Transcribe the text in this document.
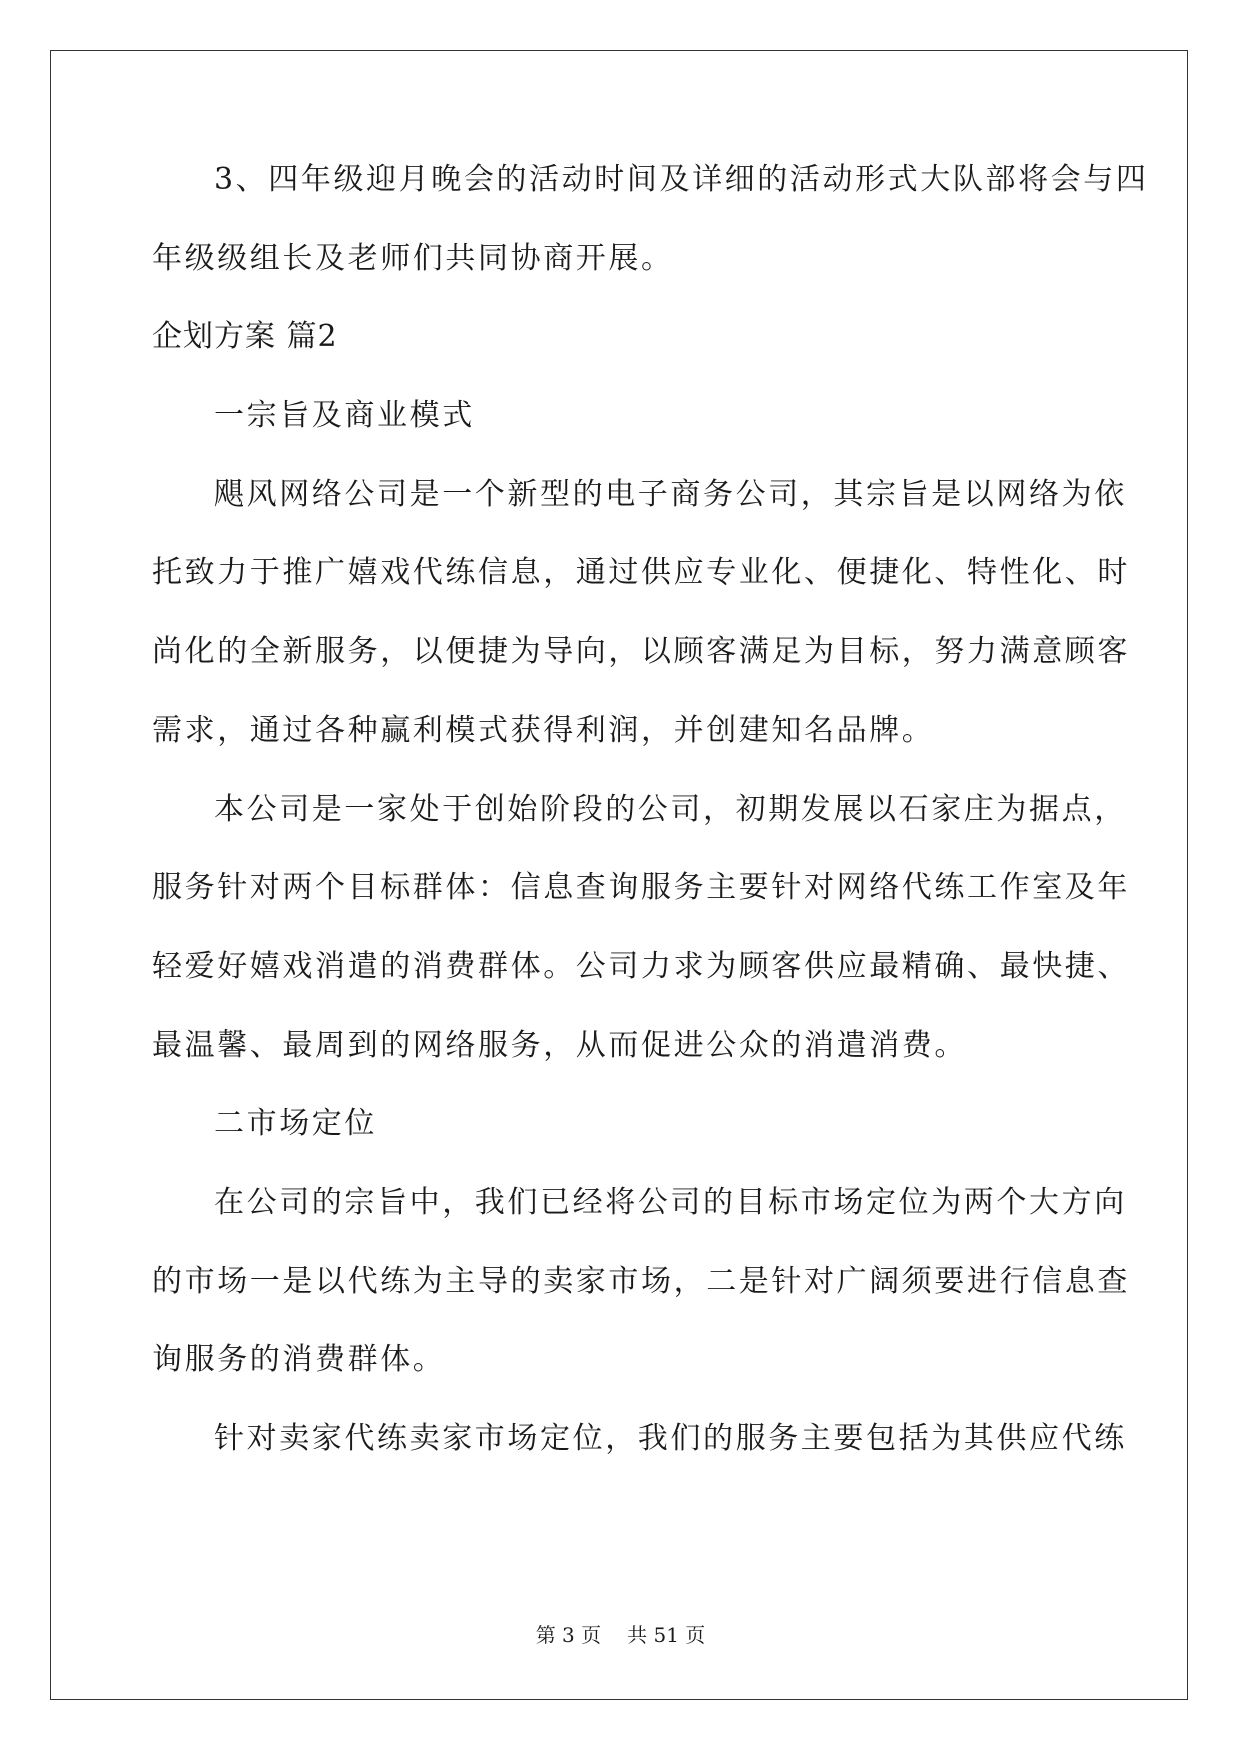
3、四年级迎月晚会的活动时间及详细的活动形式大队部将会与四
年级级组长及老师们共同协商开展。
企划方案 篇2
一宗旨及商业模式
飓风网络公司是一个新型的电子商务公司，其宗旨是以网络为依
托致力于推广嬉戏代练信息，通过供应专业化、便捷化、特性化、时
尚化的全新服务，以便捷为导向，以顾客满足为目标，努力满意顾客
需求，通过各种赢利模式获得利润，并创建知名品牌。
本公司是一家处于创始阶段的公司，初期发展以石家庄为据点，
服务针对两个目标群体：信息查询服务主要针对网络代练工作室及年
轻爱好嬉戏消遣的消费群体。公司力求为顾客供应最精确、最快捷、
最温馨、最周到的网络服务，从而促进公众的消遣消费。
二市场定位
在公司的宗旨中，我们已经将公司的目标市场定位为两个大方向
的市场一是以代练为主导的卖家市场，二是针对广阔须要进行信息查
询服务的消费群体。
针对卖家代练卖家市场定位，我们的服务主要包括为其供应代练
第 3 页 共 51 页
